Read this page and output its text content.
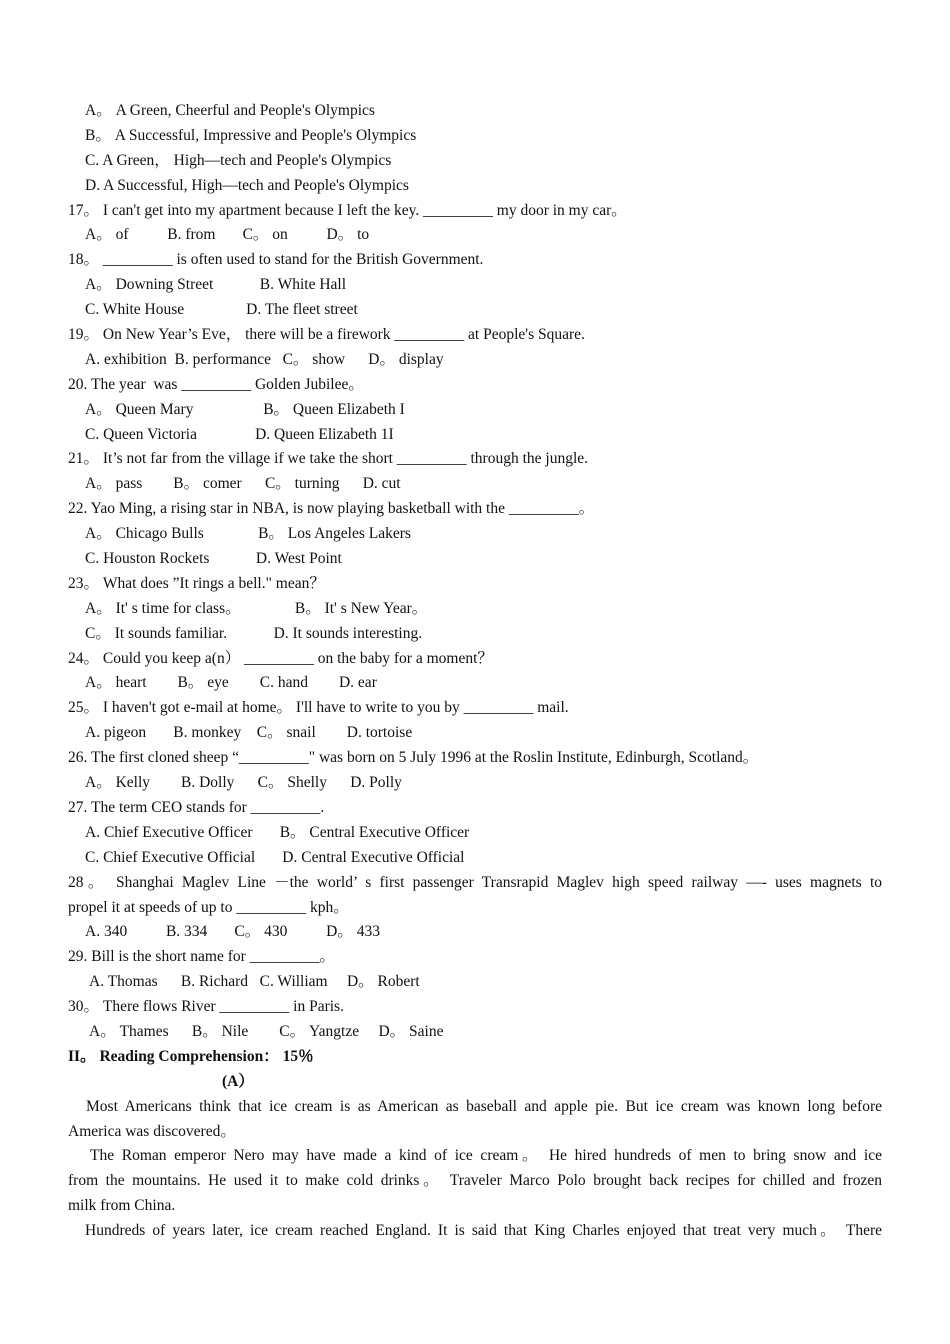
A。 A Green, Cheerful and People's Olympics
B。 A Successful, Impressive and People's Olympics
C. A Green， High—tech and People's Olympics
D. A Successful, High—tech and People's Olympics
17。 I can't get into my apartment because I left the key. _________ my door in my car。
A。 of          B. from       C。 on          D。 to
18。 _________ is often used to stand for the British Government.
A。 Downing Street            B. White Hall
C. White House                D. The fleet street
19。 On New Year’s Eve， there will be a firework _________ at People's Square.
A. exhibition  B. performance   C。 show      D。 display
20. The year  was _________ Golden Jubilee。
A。 Queen Mary                  B。 Queen Elizabeth I
C. Queen Victoria               D. Queen Elizabeth 1I
21。 It’s not far from the village if we take the short _________ through the jungle.
A。 pass        B。 comer      C。 turning      D. cut
22. Yao Ming, a rising star in NBA, is now playing basketball with the _________。
A。 Chicago Bulls              B。 Los Angeles Lakers
C. Houston Rockets            D. West Point
23。 What does ”It rings a bell." mean？
A。 It' s time for class。              B。 It' s New Year。
C。 It sounds familiar.            D. It sounds interesting.
24。 Could you keep a(n） _________ on the baby for a moment？
A。 heart        B。 eye        C. hand        D. ear
25。 I haven't got e-mail at home。 I'll have to write to you by _________ mail.
A. pigeon       B. monkey    C。 snail        D. tortoise
26. The first cloned sheep “_________" was born on 5 July 1996 at the Roslin Institute, Edinburgh, Scotland。
A。 Kelly        B. Dolly      C。 Shelly      D. Polly
27. The term CEO stands for _________.
A. Chief Executive Officer       B。 Central Executive Officer
C. Chief Executive Official       D. Central Executive Official
28。 Shanghai Maglev Line －the world’ s first passenger Transrapid Maglev high speed railway —- uses magnets to
propel it at speeds of up to _________ kph。
A. 340          B. 334       C。 430          D。 433
29. Bill is the short name for _________。
A. Thomas      B. Richard   C. William     D。 Robert
30。 There flows River _________ in Paris.
A。 Thames      B。 Nile        C。 Yangtze     D。 Saine
II。 Reading Comprehension： 15％
(A）
Most Americans think that ice cream is as American as baseball and apple pie. But ice cream was known long before
America was discovered。
The Roman emperor Nero may have made a kind of ice cream。 He hired hundreds of men to bring snow and ice
from the mountains. He used it to make cold drinks。 Traveler Marco Polo brought back recipes for chilled and frozen
milk from China.
Hundreds of years later, ice cream reached England. It is said that King Charles enjoyed that treat very much。 There
